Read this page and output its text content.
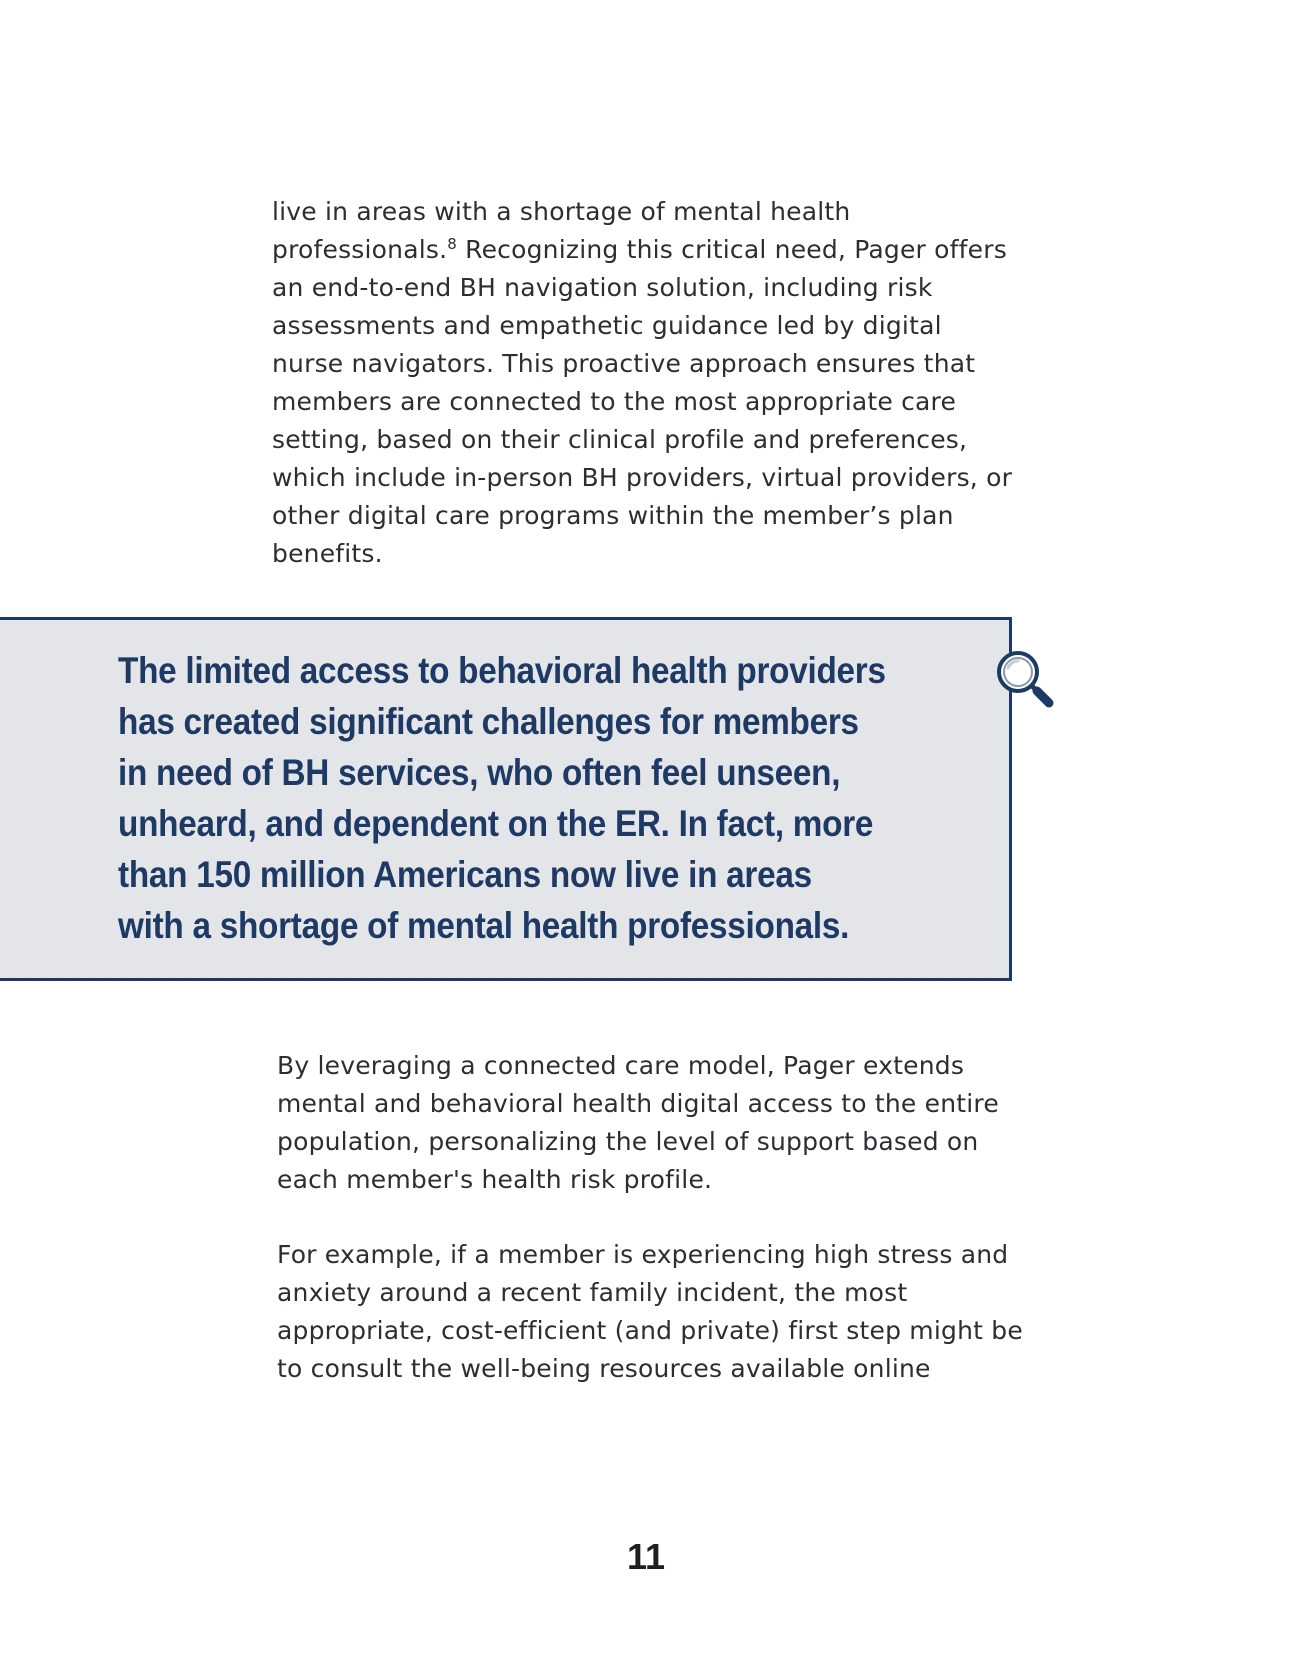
live in areas with a shortage of mental health
professionals.$^8$ Recognizing this critical need, Pager offers
an end-to-end BH navigation solution, including risk
assessments and empathetic guidance led by digital
nurse navigators. This proactive approach ensures that
members are connected to the most appropriate care
setting, based on their clinical profile and preferences,
which include in-person BH providers, virtual providers, or
other digital care programs within the member’s plan
benefits.

The limited access to behavioral health providers
has created significant challenges for members
in need of BH services, who often feel unseen,
unheard, and dependent on the ER. In fact, more
than 150 million Americans now live in areas
with a shortage of mental health professionals.

By leveraging a connected care model, Pager extends
mental and behavioral health digital access to the entire
population, personalizing the level of support based on
each member's health risk profile.

For example, if a member is experiencing high stress and
anxiety around a recent family incident, the most
appropriate, cost-efficient (and private) first step might be
to consult the well-being resources available online

11
